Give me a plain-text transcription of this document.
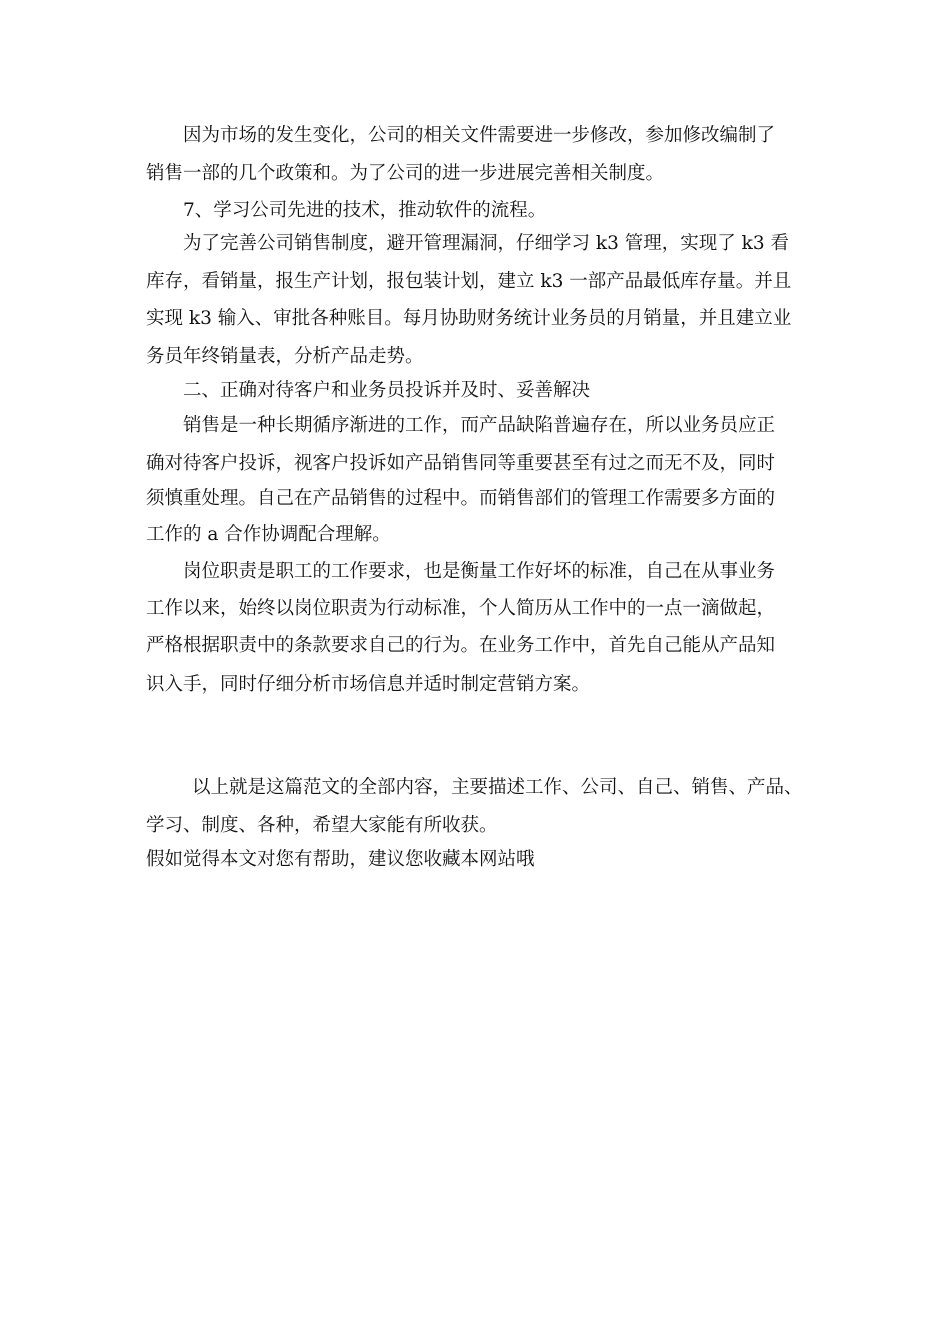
因为市场的发生变化，公司的相关文件需要进一步修改，参加修改编制了
销售一部的几个政策和。为了公司的进一步进展完善相关制度。
7、学习公司先进的技术，推动软件的流程。
为了完善公司销售制度，避开管理漏洞，仔细学习 k3 管理，实现了 k3 看
库存，看销量，报生产计划，报包装计划，建立 k3 一部产品最低库存量。并且
实现 k3 输入、审批各种账目。每月协助财务统计业务员的月销量，并且建立业
务员年终销量表，分析产品走势。
二、正确对待客户和业务员投诉并及时、妥善解决
销售是一种长期循序渐进的工作，而产品缺陷普遍存在，所以业务员应正
确对待客户投诉，视客户投诉如产品销售同等重要甚至有过之而无不及，同时
须慎重处理。自己在产品销售的过程中。而销售部们的管理工作需要多方面的
工作的 a 合作协调配合理解。
岗位职责是职工的工作要求，也是衡量工作好坏的标准，自己在从事业务
工作以来，始终以岗位职责为行动标准，个人简历从工作中的一点一滴做起，
严格根据职责中的条款要求自己的行为。在业务工作中，首先自己能从产品知
识入手，同时仔细分析市场信息并适时制定营销方案。
以上就是这篇范文的全部内容，主要描述工作、公司、自己、销售、产品、
学习、制度、各种，希望大家能有所收获。
假如觉得本文对您有帮助，建议您收藏本网站哦
